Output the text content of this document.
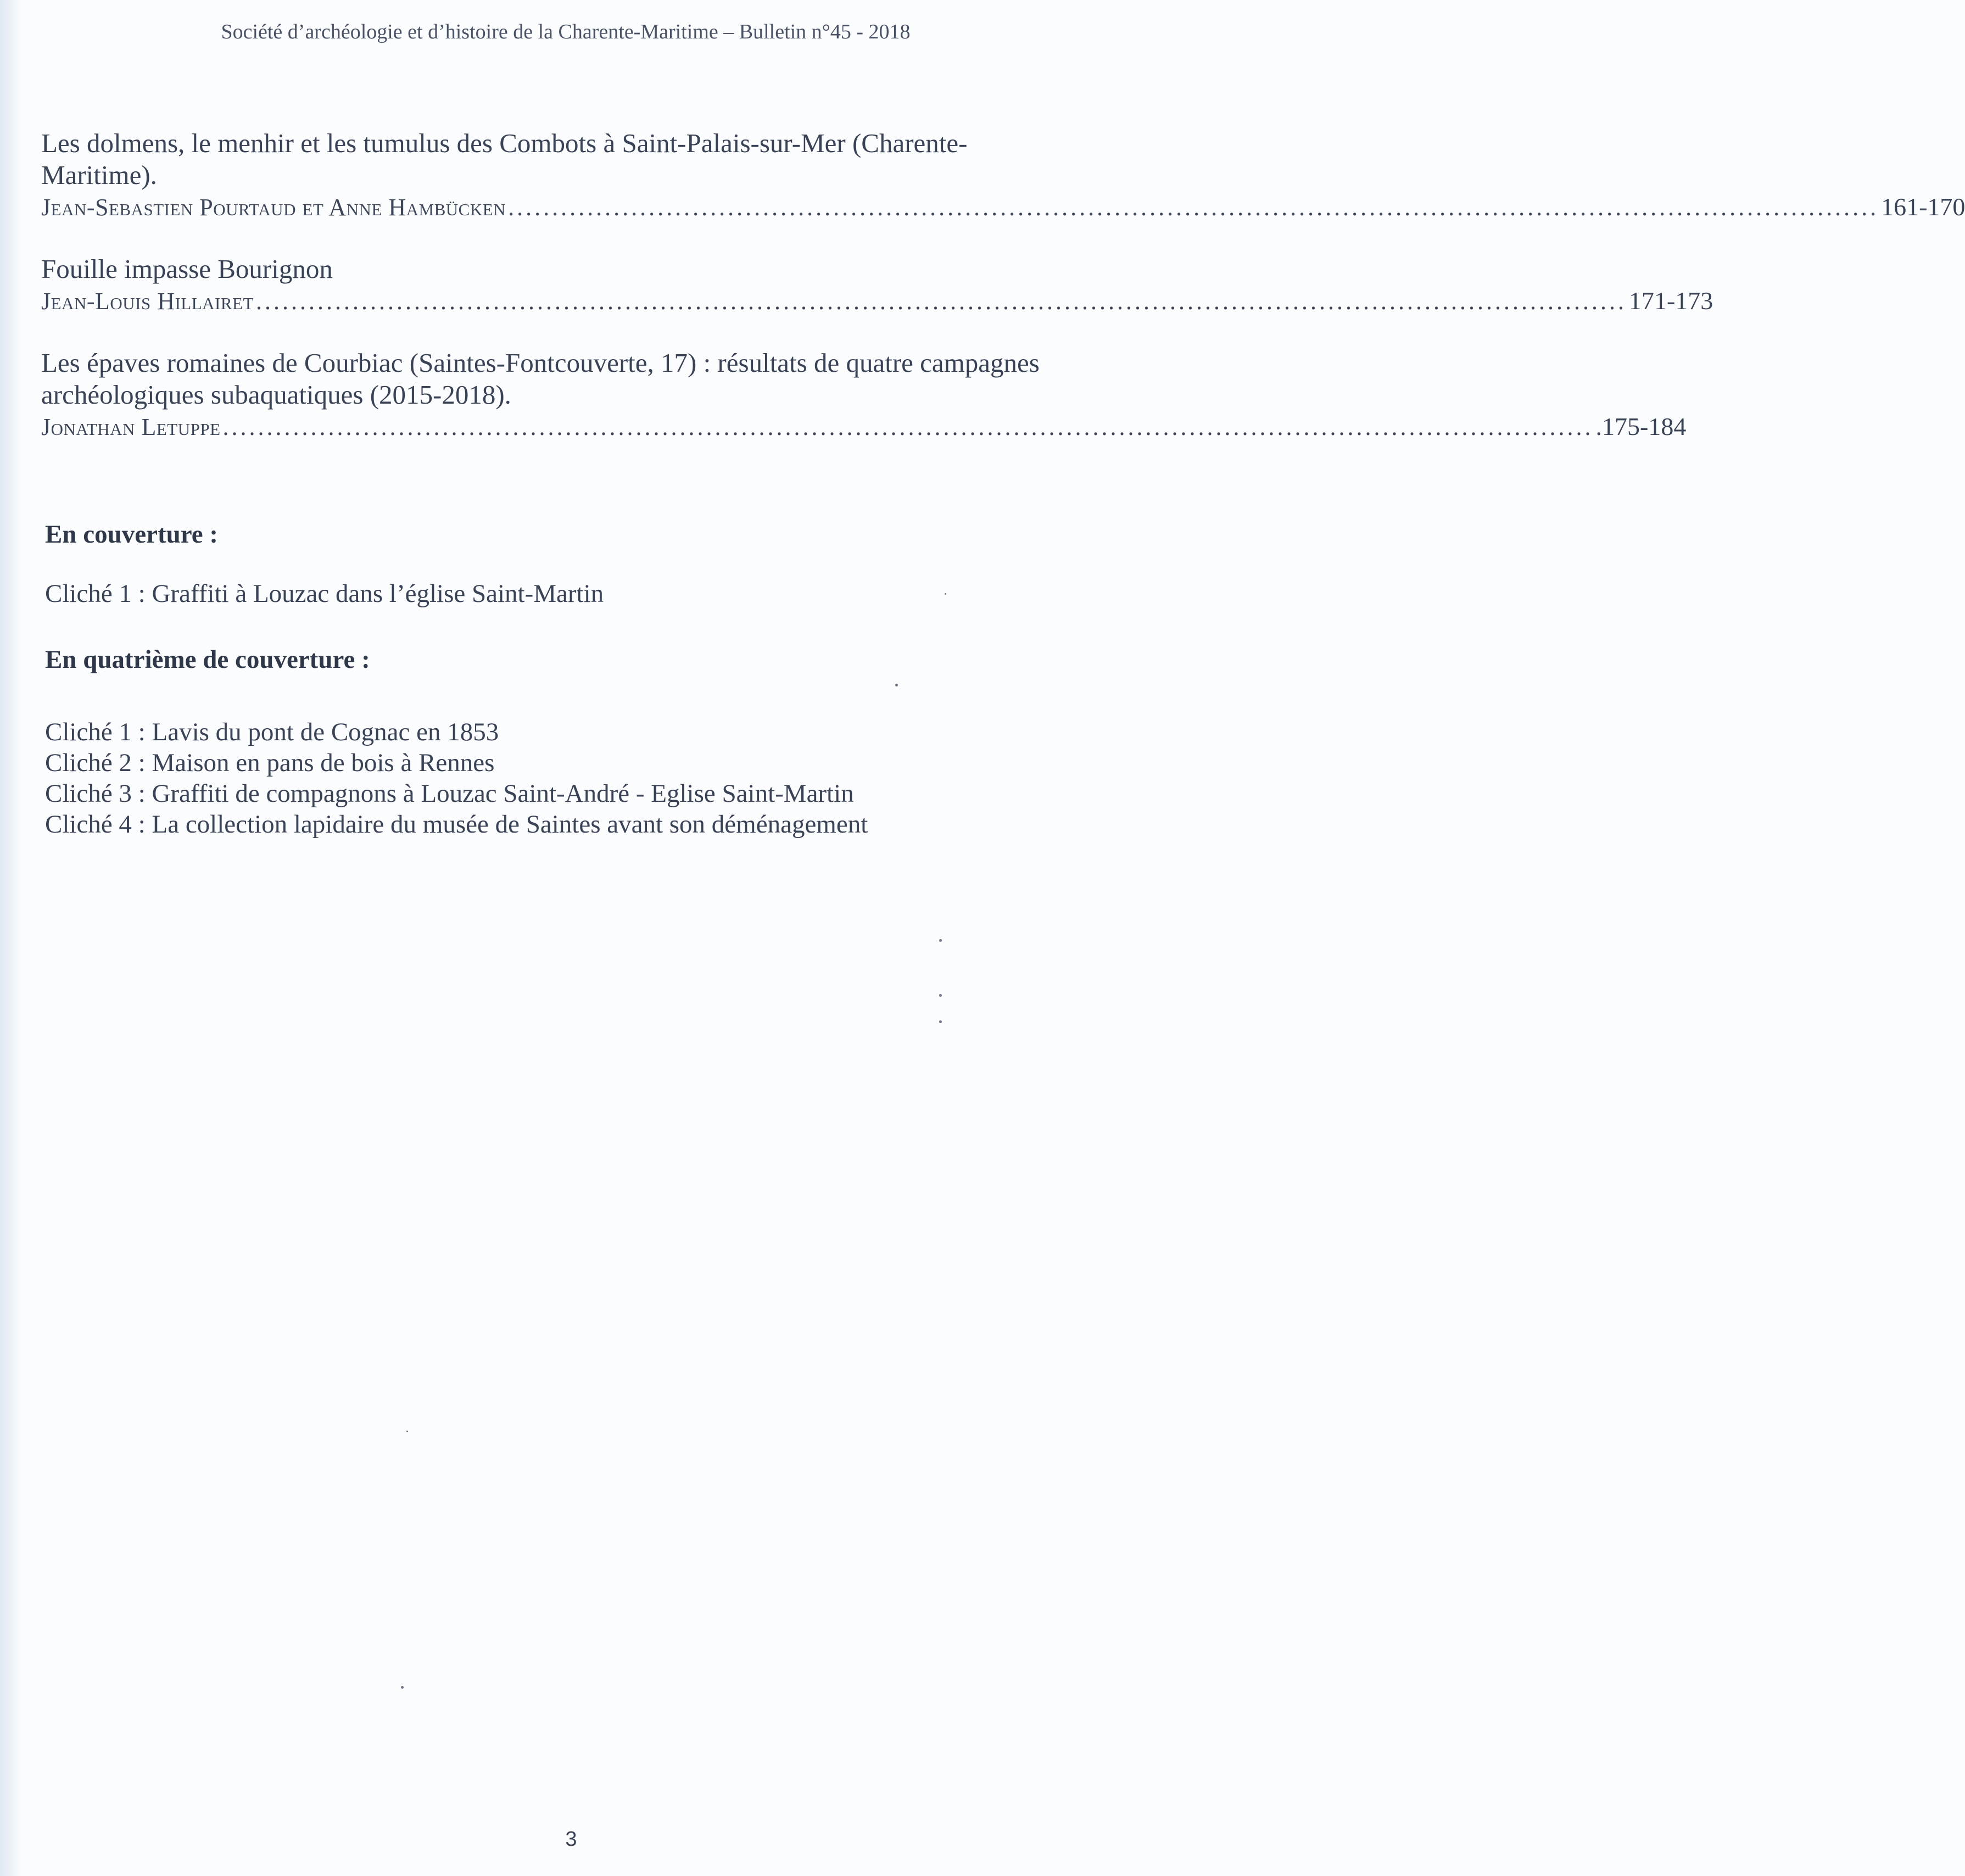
Société d’archéologie et d’histoire de la Charente-Maritime – Bulletin n°45 - 2018
Les dolmens, le menhir et les tumulus des Combots à Saint-Palais-sur-Mer (Charente-Maritime).
Jean-Sebastien Pourtaud et Anne Hambücken ............................................................................................................................................................ 161-170
Fouille impasse Bourignon
Jean-Louis Hillairet ............................................................................................................................................................ 171-173
Les épaves romaines de Courbiac (Saintes-Fontcouverte, 17) : résultats de quatre campagnes archéologiques subaquatiques (2015-2018).
Jonathan Letuppe ............................................................................................................................................................ .175-184
En couverture :
Cliché 1 : Graffiti à Louzac dans l’église Saint-Martin
En quatrième de couverture :
Cliché 1 : Lavis du pont de Cognac en 1853
Cliché 2 : Maison en pans de bois à Rennes
Cliché 3 : Graffiti de compagnons à Louzac Saint-André - Eglise Saint-Martin
Cliché 4 : La collection lapidaire du musée de Saintes avant son déménagement
3
